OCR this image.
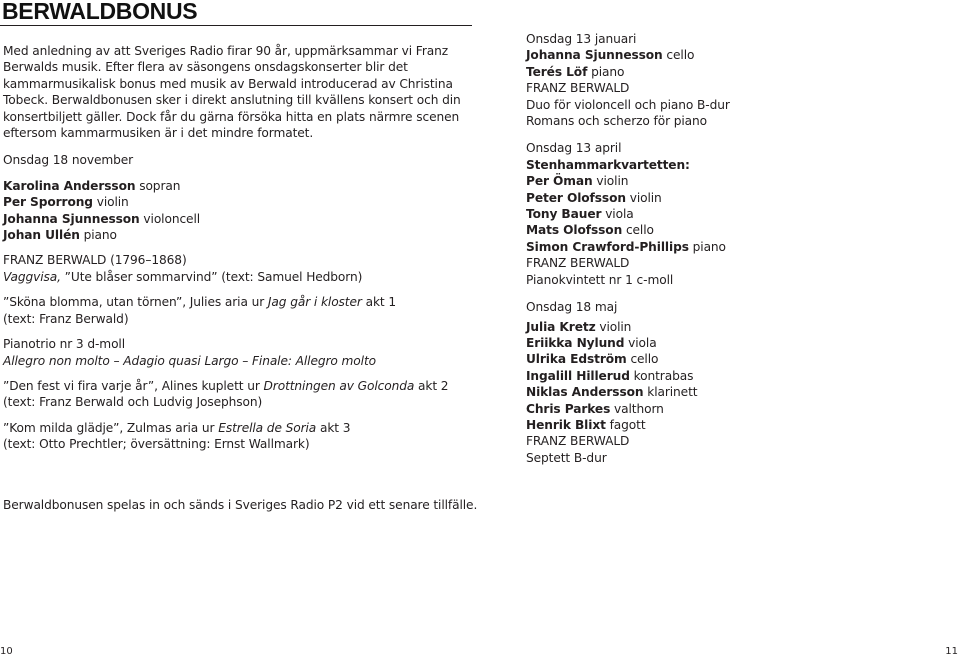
BERWALDBONUS

Med anledning av att Sveriges Radio firar 90 år, uppmärksammar vi Franz Berwalds musik. Efter flera av säsongens onsdagskonserter blir det kammarmusikalisk bonus med musik av Berwald introducerad av Christina Tobeck. Berwaldbonusen sker i direkt anslutning till kvällens konsert och din konsertbiljett gäller. Dock får du gärna försöka hitta en plats närmre scenen eftersom kammarmusiken är i det mindre formatet.

Onsdag 18 november

Karolina Andersson sopran

Per Sporrong violin

Johanna Sjunnesson violoncell

Johan Ullén piano

FRANZ BERWALD (1796–1868)

Vaggvisa, ”Ute blåser sommarvind” (text: Samuel Hedborn)

”Sköna blomma, utan törnen”, Julies aria ur Jag går i kloster akt 1

(text: Franz Berwald)

Pianotrio nr 3 d-moll

Allegro non molto – Adagio quasi Largo – Finale: Allegro molto

”Den fest vi fira varje år”, Alines kuplett ur Drottningen av Golconda akt 2

(text: Franz Berwald och Ludvig Josephson)

”Kom milda glädje”, Zulmas aria ur Estrella de Soria akt 3

(text: Otto Prechtler; översättning: Ernst Wallmark)

Berwaldbonusen spelas in och sänds i Sveriges Radio P2 vid ett senare tillfälle.

Onsdag 13 januari

Johanna Sjunnesson cello

Terés Löf piano

FRANZ BERWALD

Duo för violoncell och piano B-dur

Romans och scherzo för piano

Onsdag 13 april

Stenhammarkvartetten:

Per Öman violin

Peter Olofsson violin

Tony Bauer viola

Mats Olofsson cello

Simon Crawford-Phillips piano

FRANZ BERWALD

Pianokvintett nr 1 c-moll

Onsdag 18 maj

Julia Kretz violin

Eriikka Nylund viola

Ulrika Edström cello

Ingalill Hillerud kontrabas

Niklas Andersson klarinett

Chris Parkes valthorn

Henrik Blixt fagott

FRANZ BERWALD

Septett B-dur

10	11
